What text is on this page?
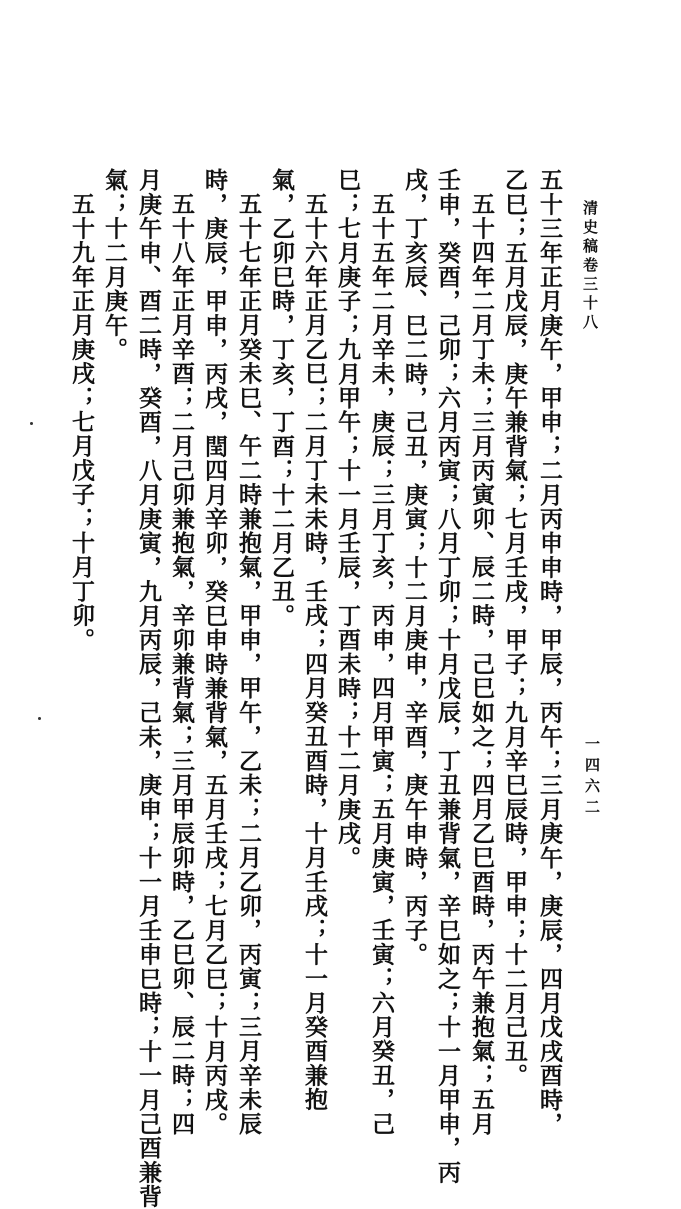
清史稿卷三十八
一四六二
五十三年正月庚午，甲申；二月丙申申時，甲辰，丙午；三月庚午，庚辰，四月戊戌酉時，
乙巳；五月戊辰，庚午兼背氣；七月壬戌，甲子；九月辛巳辰時，甲申；十二月己丑。
五十四年二月丁未；三月丙寅卯、辰二時，己巳如之；四月乙巳酉時，丙午兼抱氣；五月
壬申，癸酉，己卯；六月丙寅；八月丁卯；十月戊辰，丁丑兼背氣，辛巳如之；十一月甲申，丙
戌，丁亥辰、巳二時，己丑，庚寅；十二月庚申，辛酉，庚午申時，丙子。
五十五年二月辛未，庚辰；三月丁亥，丙申，四月甲寅；五月庚寅，壬寅；六月癸丑，己
巳；七月庚子；九月甲午；十一月壬辰，丁酉未時；十二月庚戌。
五十六年正月乙巳；二月丁未未時，壬戌；四月癸丑酉時，十月壬戌；十一月癸酉兼抱
氣，乙卯巳時，丁亥，丁酉；十二月乙丑。
五十七年正月癸未巳、午二時兼抱氣，甲申，甲午，乙未；二月乙卯，丙寅；三月辛未辰
時，庚辰，甲申，丙戌，閏四月辛卯，癸巳申時兼背氣，五月壬戌；七月乙巳；十月丙戌。
五十八年正月辛酉；二月己卯兼抱氣，辛卯兼背氣；三月甲辰卯時，乙巳卯、辰二時；四
月庚午申、酉二時，癸酉，八月庚寅，九月丙辰，己未，庚申；十一月壬申巳時；十一月己酉兼背
氣；十二月庚午。
五十九年正月庚戌；七月戊子；十月丁卯。
